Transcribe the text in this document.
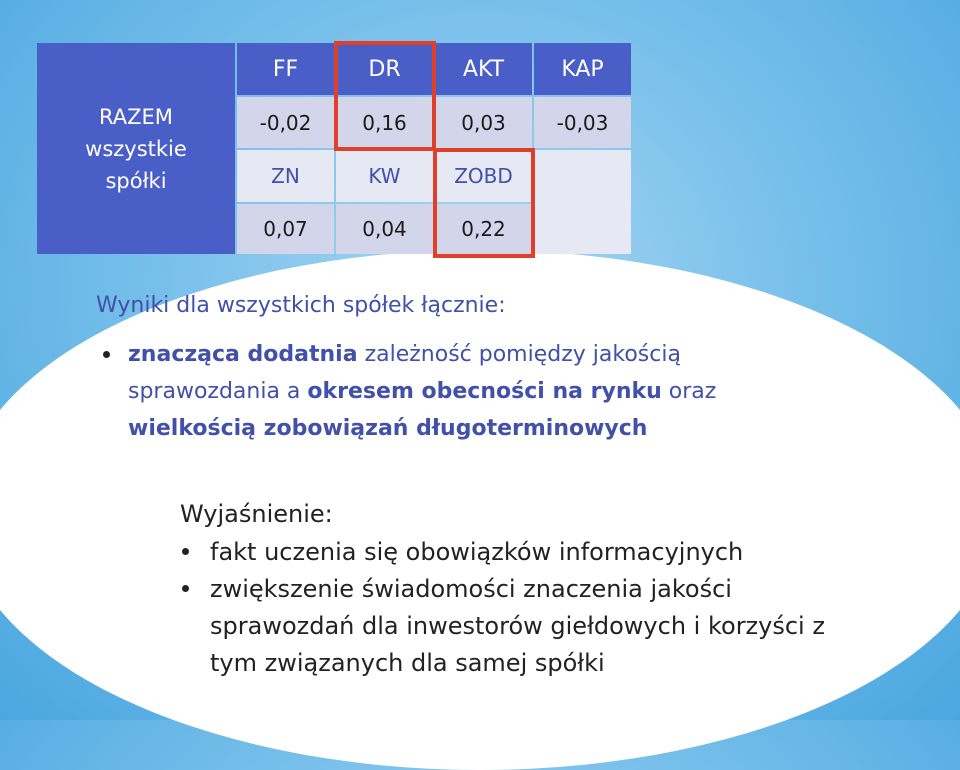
RAZEM
wszystkie
spółki
FF	DR	AKT	KAP
-0,02	0,16	0,03	-0,03
ZN	KW	ZOBD
0,07	0,04	0,22
Wyniki dla wszystkich spółek łącznie:
znacząca dodatnia zależność pomiędzy jakością sprawozdania a okresem obecności na rynku oraz wielkością zobowiązań długoterminowych
Wyjaśnienie:
fakt uczenia się obowiązków informacyjnych
zwiększenie świadomości znaczenia jakości sprawozdań dla inwestorów giełdowych i korzyści z tym związanych dla samej spółki
